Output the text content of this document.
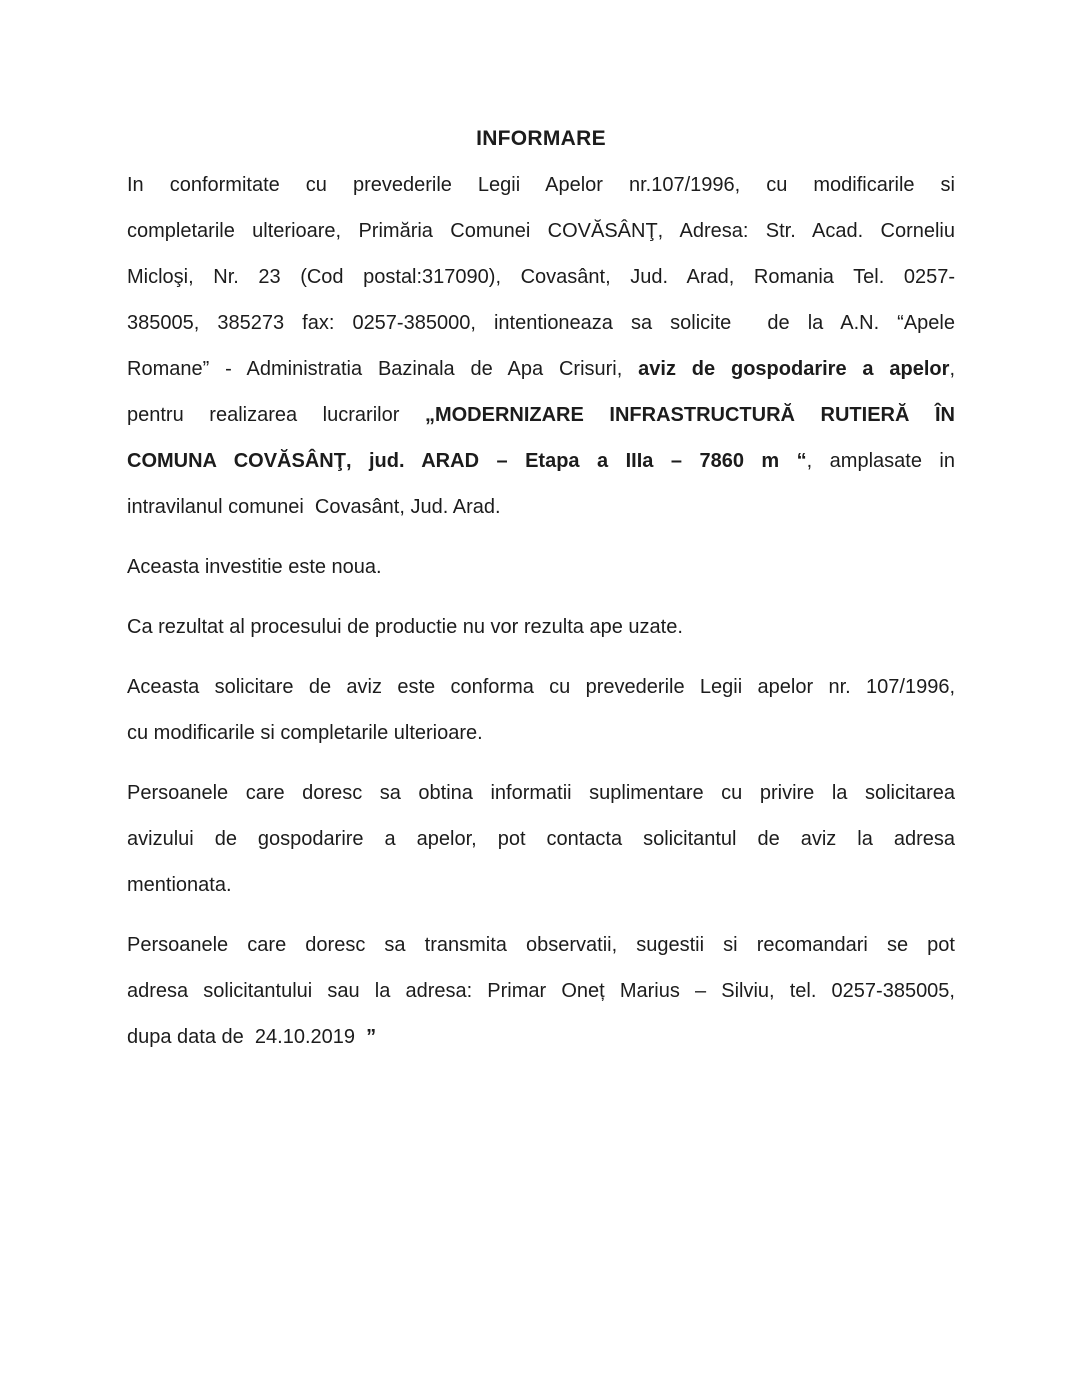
INFORMARE
In conformitate cu prevederile Legii Apelor nr.107/1996, cu modificarile si
completarile ulterioare, Primăria Comunei COVĂSÂNŢ, Adresa: Str. Acad. Corneliu
Micloşi, Nr. 23 (Cod postal:317090), Covasânt, Jud. Arad, Romania Tel. 0257-
385005, 385273 fax: 0257-385000, intentioneaza sa solicite  de la A.N. “Apele
Romane” - Administratia Bazinala de Apa Crisuri, aviz de gospodarire a apelor,
pentru realizarea lucrarilor „MODERNIZARE INFRASTRUCTURĂ RUTIERĂ ÎN
COMUNA COVĂSÂNŢ, jud. ARAD – Etapa a IIIa – 7860 m “, amplasate in
intravilanul comunei  Covasânt, Jud. Arad.
Aceasta investitie este noua.
Ca rezultat al procesului de productie nu vor rezulta ape uzate.
Aceasta solicitare de aviz este conforma cu prevederile Legii apelor nr. 107/1996,
cu modificarile si completarile ulterioare.
Persoanele care doresc sa obtina informatii suplimentare cu privire la solicitarea
avizului de gospodarire a apelor, pot contacta solicitantul de aviz la adresa
mentionata.
Persoanele care doresc sa transmita observatii, sugestii si recomandari se pot
adresa solicitantului sau la adresa: Primar Oneț Marius – Silviu, tel. 0257-385005,
dupa data de  24.10.2019  ”
